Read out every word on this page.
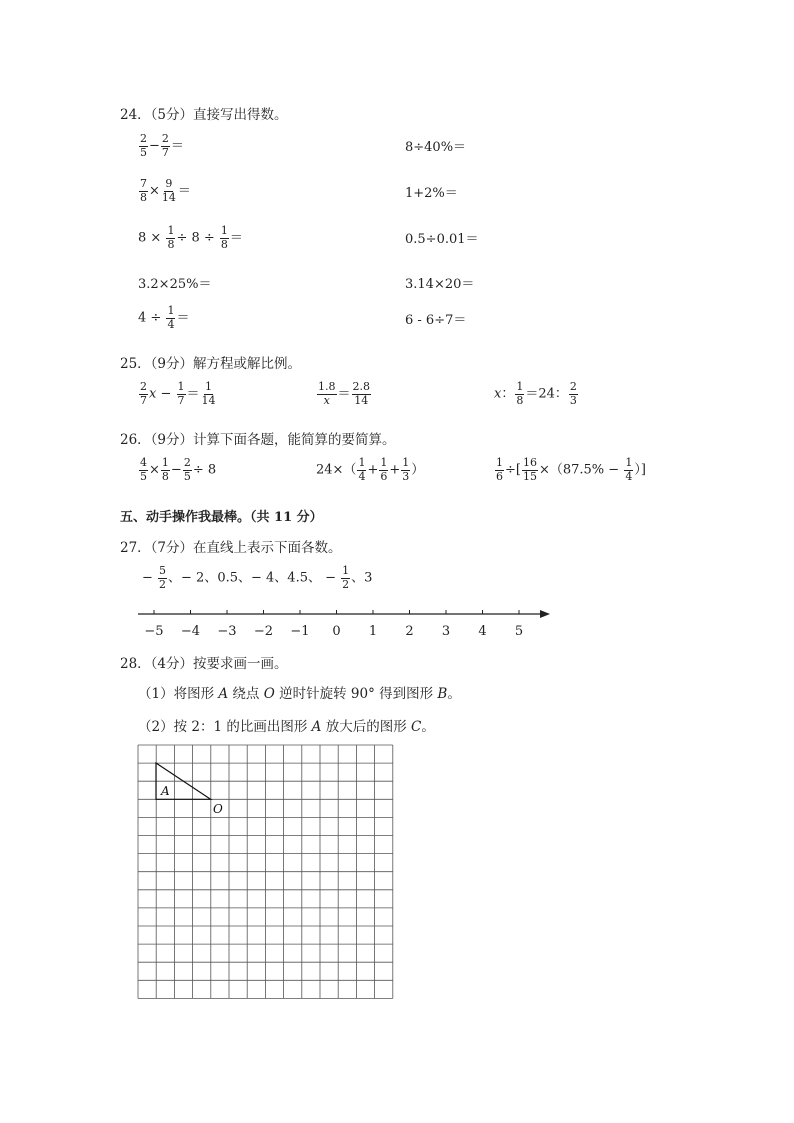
24．（5分）直接写出得数。
$\frac{2}{5} - \frac{2}{7}$ ＝	8÷40%＝
$\frac{7}{8} \times \frac{9}{14}$ ＝	1+2%＝
$8 \times \frac{1}{8} \div 8 \div \frac{1}{8}$ ＝	0.5÷0.01＝
3.2×25%＝	3.14×20＝
$4 \div \frac{1}{4}$ ＝	6 - 6÷7＝
25．（9分）解方程或解比例。
$\frac{2}{7}$ $x - \frac{1}{7} = \frac{1}{14}$	$\frac{1.8}{x} = \frac{2.8}{14}$	x： $\frac{1}{8} =24$： $\frac{2}{3}$
26．（9分）计算下面各题，能简算的要简算。
$\frac{4}{5} \times \frac{1}{8} - \frac{2}{5} \div 8$	$24\times( \frac{1}{4} + \frac{1}{6} + \frac{1}{3}$ ）	$\frac{1}{6}$ ÷[ $\frac{16}{15} \times(87.5\% - \frac{1}{4}$ ）]
五、动手操作我最棒。（共 11 分）
27．（7分）在直线上表示下面各数。
− $\frac{5}{2}$ 、− 2、0.5、− 4、4.5、 − $\frac{1}{2}$ 、3
−5 −4 −3 −2 −1 0 1 2 3 4 5
28．（4分）按要求画一画。
（1）将图形 A 绕点 O 逆时针旋转 90° 得到图形 B。
（2）按 2：1 的比画出图形 A 放大后的图形 C。
A
O
